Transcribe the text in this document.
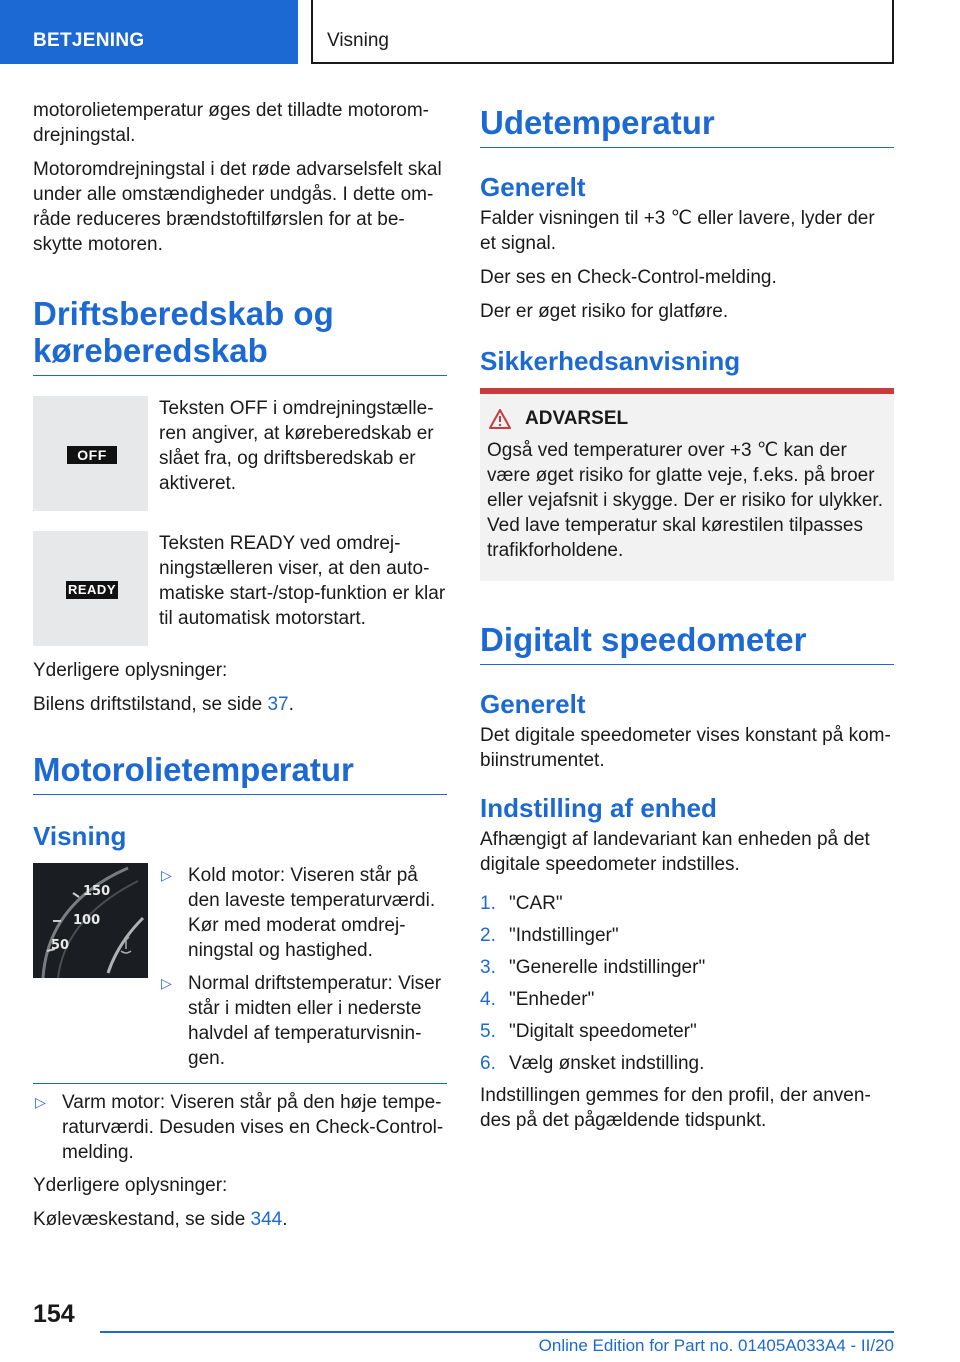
BETJENING	Visning

motorolietemperatur øges det tilladte motoromdrejningstal.

Motoromdrejningstal i det røde advarselsfelt skal under alle omstændigheder undgås. I dette område reduceres brændstoftilførslen for at beskytte motoren.

Driftsberedskab og køreberedskab
OFF
Teksten OFF i omdrejningstælleren angiver, at køreberedskab er slået fra, og driftsberedskab er aktiveret.
READY
Teksten READY ved omdrejningstælleren viser, at den automatiske start-/stop-funktion er klar til automatisk motorstart.

Yderligere oplysninger:

Bilens driftstilstand, se side 37.

Motorolietemperatur
Visning
150
100
50
▷ Kold motor: Viseren står på den laveste temperaturværdi. Kør med moderat omdrejningstal og hastighed.
▷ Normal driftstemperatur: Viser står i midten eller i nederste halvdel af temperaturvisningen.
▷ Varm motor: Viseren står på den høje temperaturværdi. Desuden vises en Check-Control-melding.

Yderligere oplysninger:

Kølevæskestand, se side 344.

Udetemperatur
Generelt

Falder visningen til +3 ℃ eller lavere, lyder der et signal.

Der ses en Check-Control-melding.

Der er øget risiko for glatføre.

Sikkerhedsanvisning
ADVARSEL

Også ved temperaturer over +3 ℃ kan der være øget risiko for glatte veje, f.eks. på broer eller vejafsnit i skygge. Der er risiko for ulykker. Ved lave temperatur skal kørestilen tilpasses trafikforholdene.

Digitalt speedometer
Generelt

Det digitale speedometer vises konstant på kombiinstrumentet.

Indstilling af enhed

Afhængigt af landevariant kan enheden på det digitale speedometer indstilles.

1. "CAR"
2. "Indstillinger"
3. "Generelle indstillinger"
4. "Enheder"
5. "Digitalt speedometer"
6. Vælg ønsket indstilling.

Indstillingen gemmes for den profil, der anvendes på det pågældende tidspunkt.

154
Online Edition for Part no. 01405A033A4 - II/20
